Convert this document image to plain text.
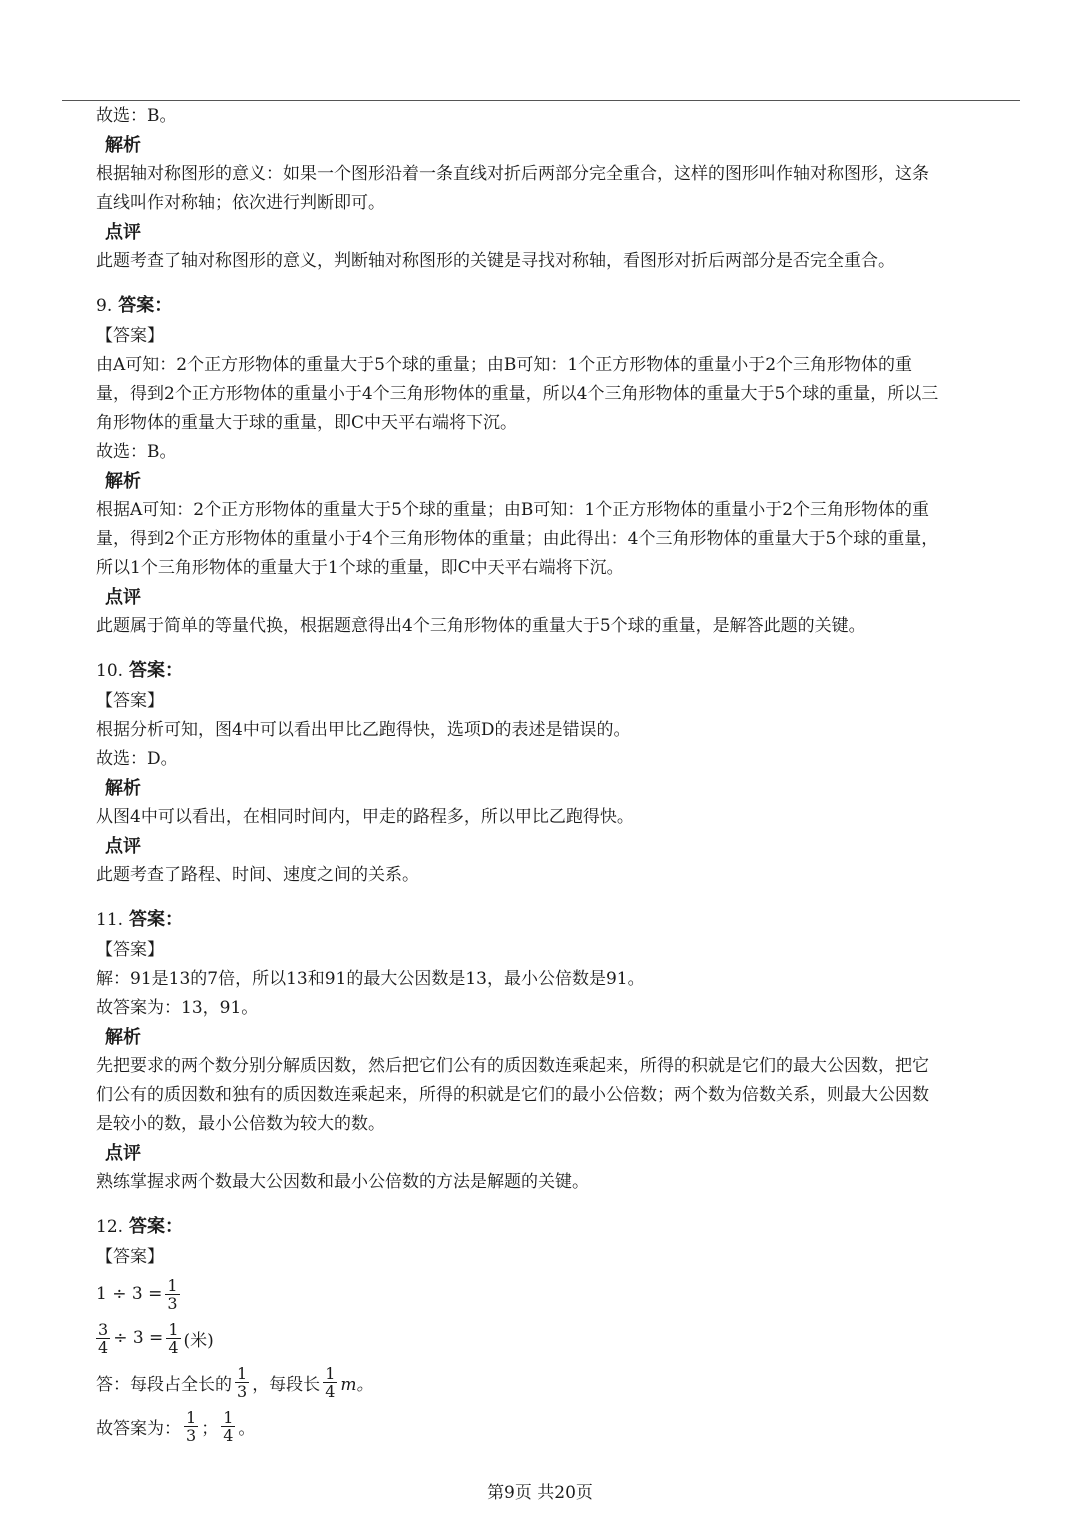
故选：B。
解析
根据轴对称图形的意义：如果一个图形沿着一条直线对折后两部分完全重合，这样的图形叫作轴对称图形，这条
直线叫作对称轴；依次进行判断即可。
点评
此题考查了轴对称图形的意义，判断轴对称图形的关键是寻找对称轴，看图形对折后两部分是否完全重合。
9. 答案：
【答案】
由A可知：2个正方形物体的重量大于5个球的重量；由B可知：1个正方形物体的重量小于2个三角形物体的重
量，得到2个正方形物体的重量小于4个三角形物体的重量，所以4个三角形物体的重量大于5个球的重量，所以三
角形物体的重量大于球的重量，即C中天平右端将下沉。
故选：B。
解析
根据A可知：2个正方形物体的重量大于5个球的重量；由B可知：1个正方形物体的重量小于2个三角形物体的重
量，得到2个正方形物体的重量小于4个三角形物体的重量；由此得出：4个三角形物体的重量大于5个球的重量，
所以1个三角形物体的重量大于1个球的重量，即C中天平右端将下沉。
点评
此题属于简单的等量代换，根据题意得出4个三角形物体的重量大于5个球的重量，是解答此题的关键。
10. 答案：
【答案】
根据分析可知，图4中可以看出甲比乙跑得快，选项D的表述是错误的。
故选：D。
解析
从图4中可以看出，在相同时间内，甲走的路程多，所以甲比乙跑得快。
点评
此题考查了路程、时间、速度之间的关系。
11. 答案：
【答案】
解：91是13的7倍，所以13和91的最大公因数是13，最小公倍数是91。
故答案为：13，91。
解析
先把要求的两个数分别分解质因数，然后把它们公有的质因数连乘起来，所得的积就是它们的最大公因数，把它
们公有的质因数和独有的质因数连乘起来，所得的积就是它们的最小公倍数；两个数为倍数关系，则最大公因数
是较小的数，最小公倍数为较大的数。
点评
熟练掌握求两个数最大公因数和最小公倍数的方法是解题的关键。
12. 答案：
【答案】
$1 \div 3 = \frac{1}{3}$
$\frac{3}{4} \div 3 = \frac{1}{4}$ (米)
答：每段占全长的 $\frac{1}{3}$ ，每段长 $\frac{1}{4}$ m。
故答案为： $\frac{1}{3}$ ； $\frac{1}{4}$ 。
第9页 共20页
